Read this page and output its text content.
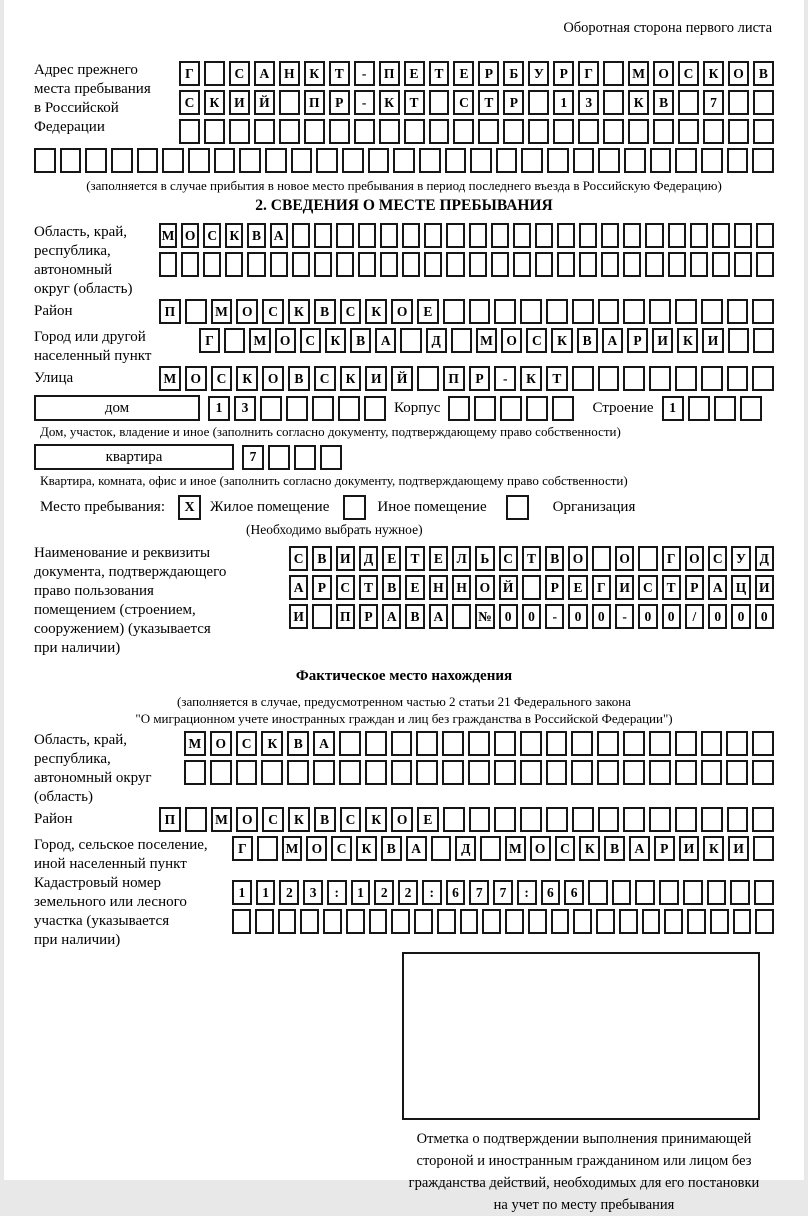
Оборотная сторона первого листа
Адрес прежнего
места пребывания
в Российской
Федерации
Г	С	А	Н	К	Т	-	П	Е	Т	Е	Р	Б	У	Р	Г	М О	С	К	О	В
С	К	И	Й	П	Р	-	К	Т	С	Т	Р	1	3	К	В	7
(заполняется в случае прибытия в новое место пребывания в период последнего въезда в Российскую Федерацию)
2. СВЕДЕНИЯ О МЕСТЕ ПРЕБЫВАНИЯ
Область, край,
республика,
автономный
округ (область)
М О С К В А
Район	П	М	О	С	К	В	С	К	О	Е
Город или другой
населенный пункт
Г	М	О	С	К	В	А	Д	М	О	С	К	В	А	Р	И	К	И
Улица	М	О	С	К	О	В	С	К	И	Й	П	Р	-	К	Т
дом	1	3	Корпус	Строение	1
Дом, участок, владение и иное (заполнить согласно документу, подтверждающему право собственности)
квартира	7
Квартира, комната, офис и иное (заполнить согласно документу, подтверждающему право собственности)
Место пребывания:	X	Жилое помещение	Иное помещение	Организация
(Необходимо выбрать нужное)
Наименование и реквизиты
документа, подтверждающего
право пользования
помещением (строением,
сооружением) (указывается
при наличии)
С	В	И Д	Е	Т	Е	Л	Ь	С	Т	В	О	О	Г	О С У	Д
А	Р	С	Т	В	Е	Н Н О Й	Р	Е	Г	И С	Т	Р	А Ц И
И	П	Р	А	В	А	№ 0	0	-	0	0	-	0	0	/	0	0	0
Фактическое место нахождения
(заполняется в случае, предусмотренном частью 2 статьи 21 Федерального закона
"О миграционном учете иностранных граждан и лиц без гражданства в Российской Федерации")
Область, край,
республика,
автономный округ
(область)
М	О	С	К	В	А
Район	П	М	О	С	К	В	С	К	О	Е
Город, сельское поселение,
иной населенный пункт
Г	М О	С	К	В	А	Д	М О	С	К	В	А	Р	И	К	И
Кадастровый номер
земельного или лесного
участка (указывается
при наличии)
1	1	2	3	:	1	2	2	:	6	7	7	:	6	6
Отметка о подтверждении выполнения принимающей
стороной и иностранным гражданином или лицом без
гражданства действий, необходимых для его постановки
на учет по месту пребывания
